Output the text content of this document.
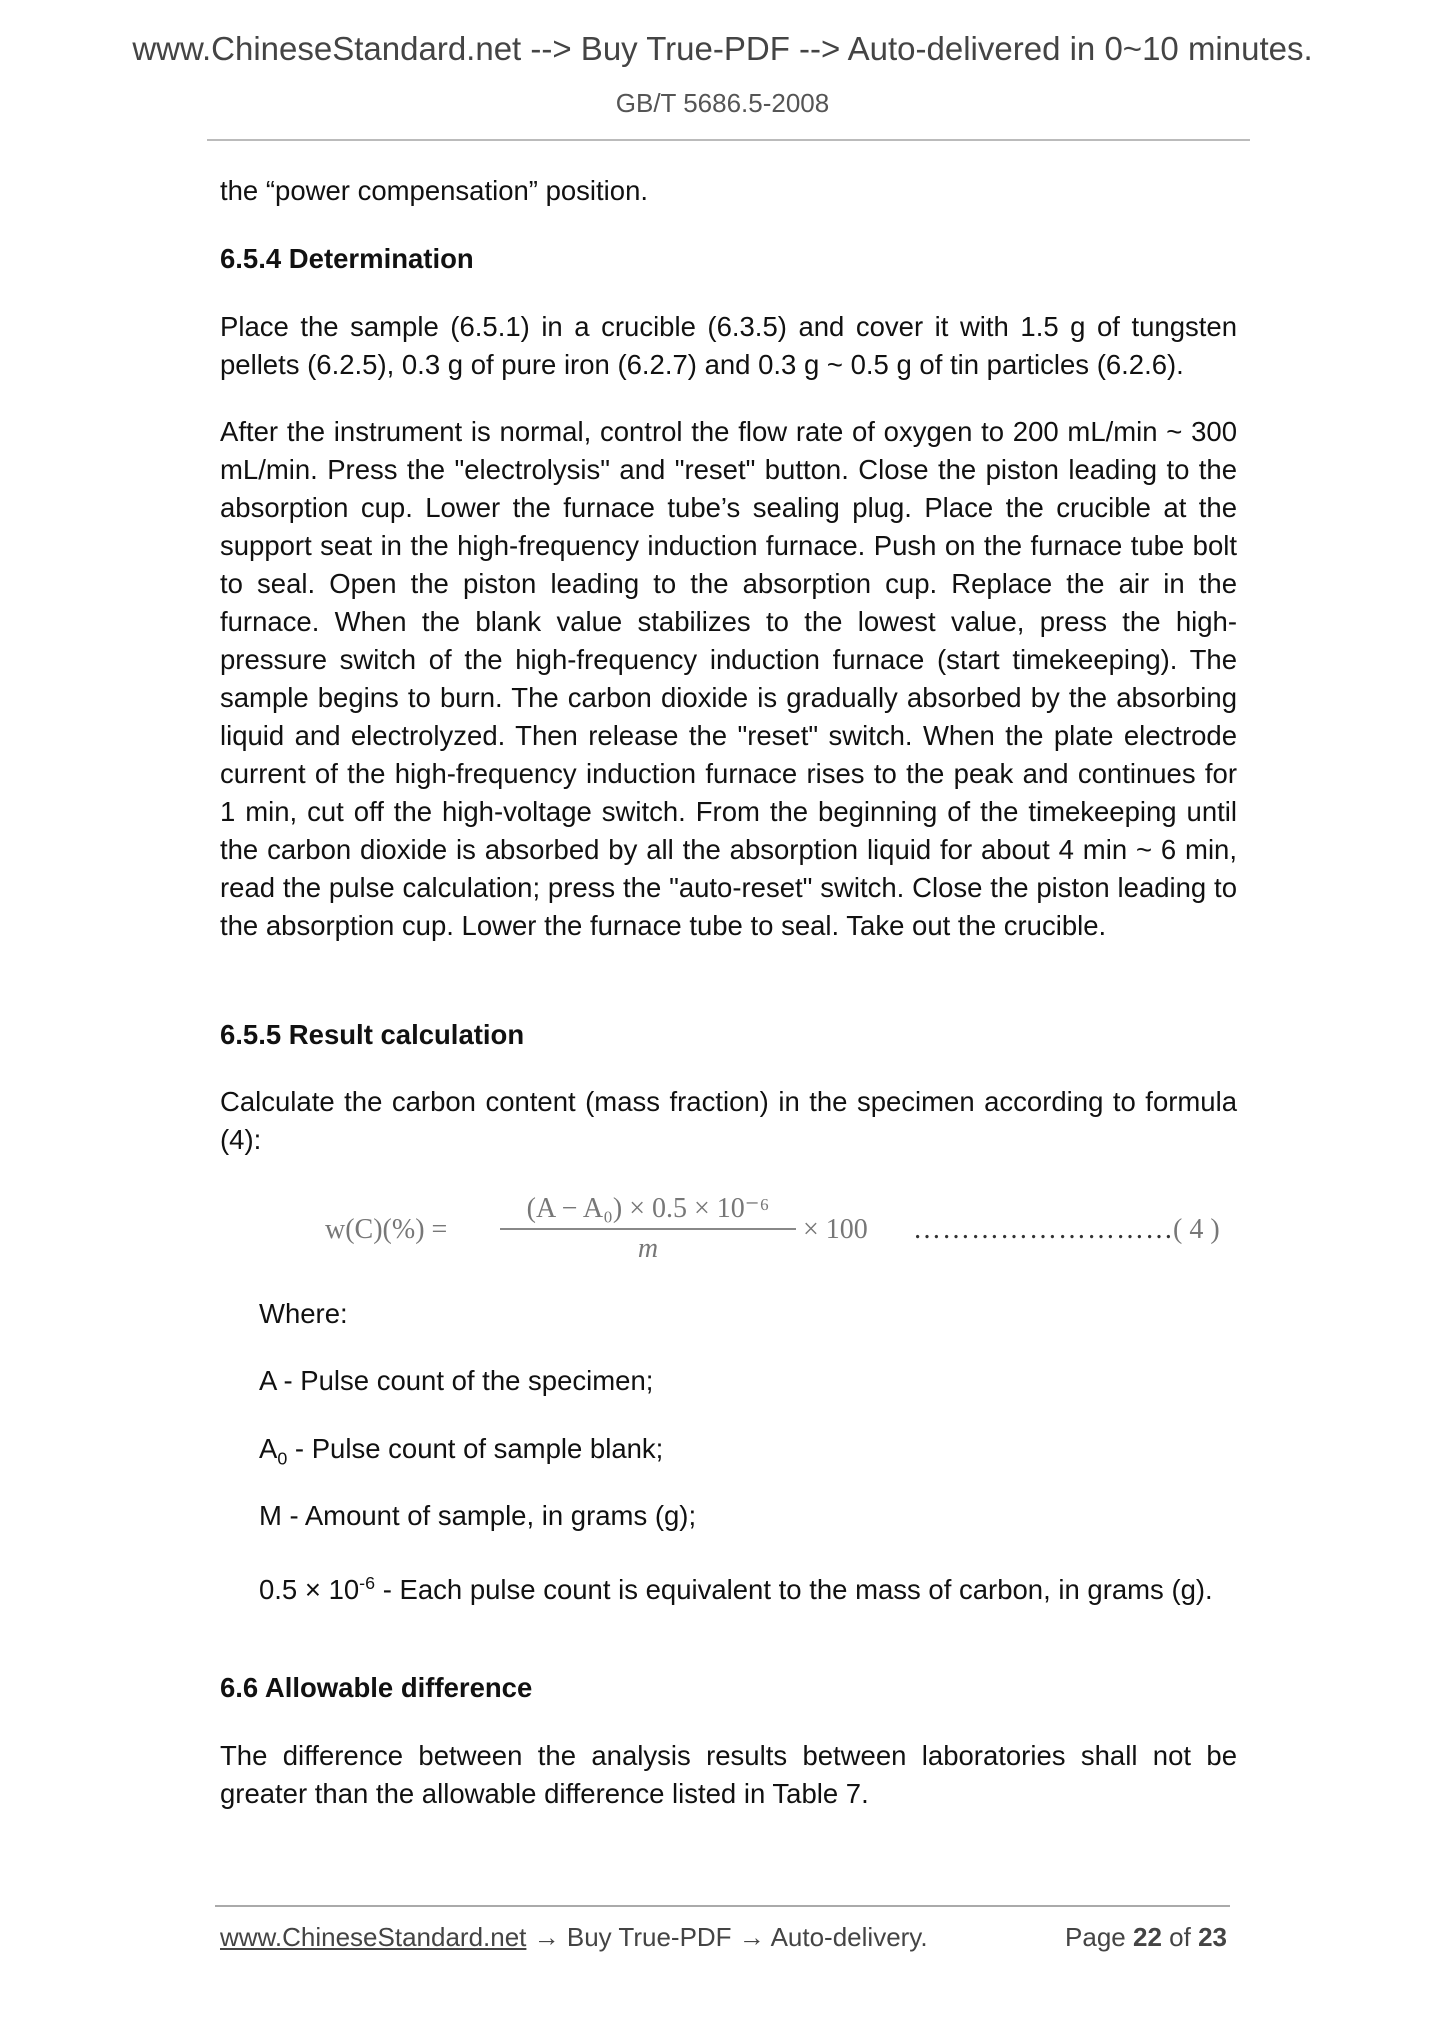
www.ChineseStandard.net --> Buy True-PDF --> Auto-delivered in 0~10 minutes.
GB/T 5686.5-2008
the “power compensation” position.
6.5.4 Determination
Place the sample (6.5.1) in a crucible (6.3.5) and cover it with 1.5 g of tungsten pellets (6.2.5), 0.3 g of pure iron (6.2.7) and 0.3 g ~ 0.5 g of tin particles (6.2.6).
After the instrument is normal, control the flow rate of oxygen to 200 mL/min ~ 300 mL/min. Press the "electrolysis" and "reset" button. Close the piston leading to the absorption cup. Lower the furnace tube’s sealing plug. Place the crucible at the support seat in the high-frequency induction furnace. Push on the furnace tube bolt to seal. Open the piston leading to the absorption cup. Replace the air in the furnace. When the blank value stabilizes to the lowest value, press the high-pressure switch of the high-frequency induction furnace (start timekeeping). The sample begins to burn. The carbon dioxide is gradually absorbed by the absorbing liquid and electrolyzed. Then release the "reset" switch. When the plate electrode current of the high-frequency induction furnace rises to the peak and continues for 1 min, cut off the high-voltage switch. From the beginning of the timekeeping until the carbon dioxide is absorbed by all the absorption liquid for about 4 min ~ 6 min, read the pulse calculation; press the "auto-reset" switch. Close the piston leading to the absorption cup. Lower the furnace tube to seal. Take out the crucible.
6.5.5 Result calculation
Calculate the carbon content (mass fraction) in the specimen according to formula (4):
w(C)(%) =
(A − A₀) × 0.5 × 10⁻⁶
m
× 100 ……………………… ( 4 )
Where:
A - Pulse count of the specimen;
$A_0$ - Pulse count of sample blank;
M - Amount of sample, in grams (g);
$0.5 \times 10^{-6}$ - Each pulse count is equivalent to the mass of carbon, in grams (g).
6.6 Allowable difference
The difference between the analysis results between laboratories shall not be greater than the allowable difference listed in Table 7.
www.ChineseStandard.net → Buy True-PDF → Auto-delivery.	Page 22 of 23
